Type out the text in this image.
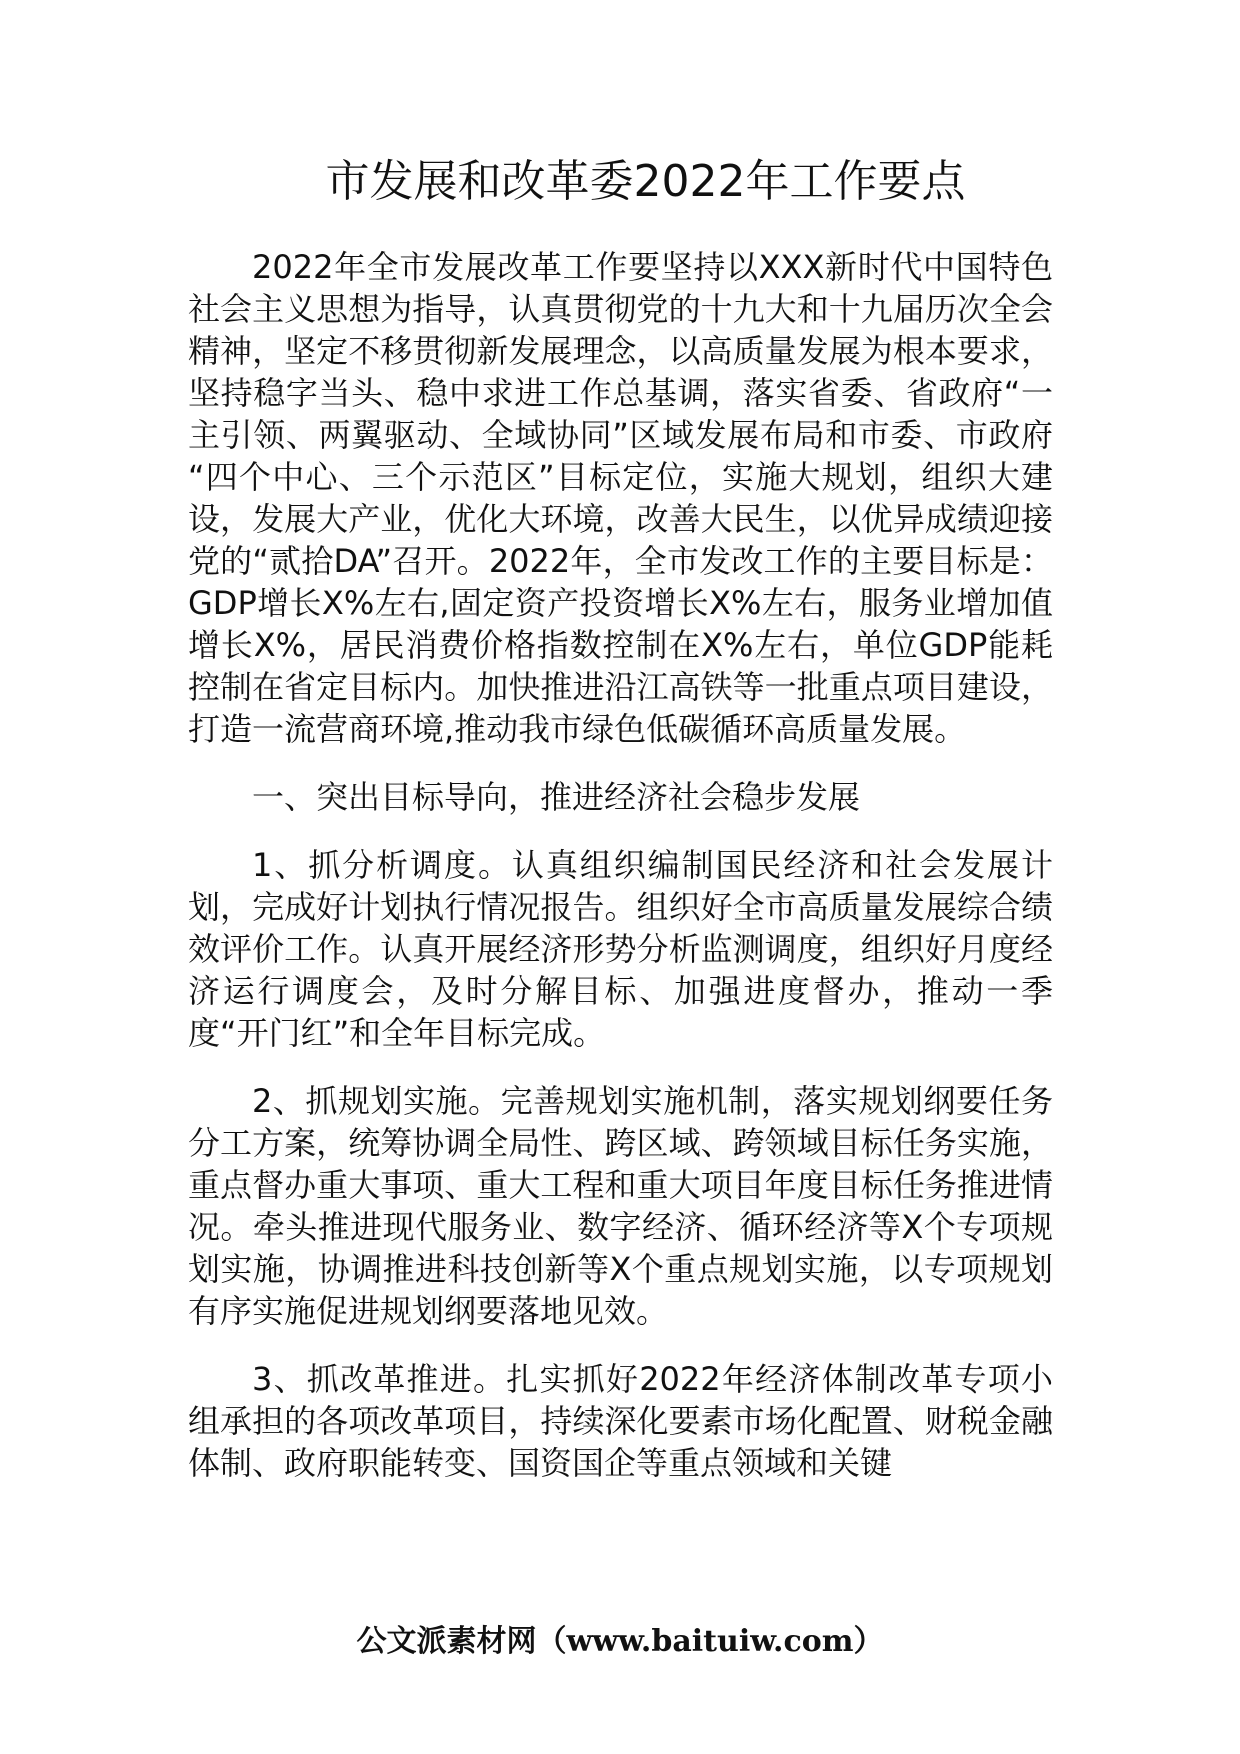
市发展和改革委2022年工作要点

2022年全市发展改革工作要坚持以XXX新时代中国特色社会主义思想为指导，认真贯彻党的十九大和十九届历次全会精神，坚定不移贯彻新发展理念，以高质量发展为根本要求，坚持稳字当头、稳中求进工作总基调，落实省委、省政府“一主引领、两翼驱动、全域协同”区域发展布局和市委、市政府 “四个中心、三个示范区”目标定位，实施大规划，组织大建设，发展大产业，优化大环境，改善大民生，以优异成绩迎接党的“贰拾DA”召开。2022年，全市发改工作的主要目标是：GDP增长X%左右,固定资产投资增长X%左右，服务业增加值增长X%，居民消费价格指数控制在X%左右，单位GDP能耗控制在省定目标内。加快推进沿江高铁等一批重点项目建设，打造一流营商环境,推动我市绿色低碳循环高质量发展。

一、突出目标导向，推进经济社会稳步发展

1、抓分析调度。认真组织编制国民经济和社会发展计划，完成好计划执行情况报告。组织好全市高质量发展综合绩效评价工作。认真开展经济形势分析监测调度，组织好月度经济运行调度会，及时分解目标、加强进度督办，推动一季度“开门红”和全年目标完成。

2、抓规划实施。完善规划实施机制，落实规划纲要任务分工方案，统筹协调全局性、跨区域、跨领域目标任务实施，重点督办重大事项、重大工程和重大项目年度目标任务推进情况。牵头推进现代服务业、数字经济、循环经济等X个专项规划实施，协调推进科技创新等X个重点规划实施，以专项规划有序实施促进规划纲要落地见效。

3、抓改革推进。扎实抓好2022年经济体制改革专项小组承担的各项改革项目，持续深化要素市场化配置、财税金融体制、政府职能转变、国资国企等重点领域和关键

公文派素材网（www.baituiw.com）
